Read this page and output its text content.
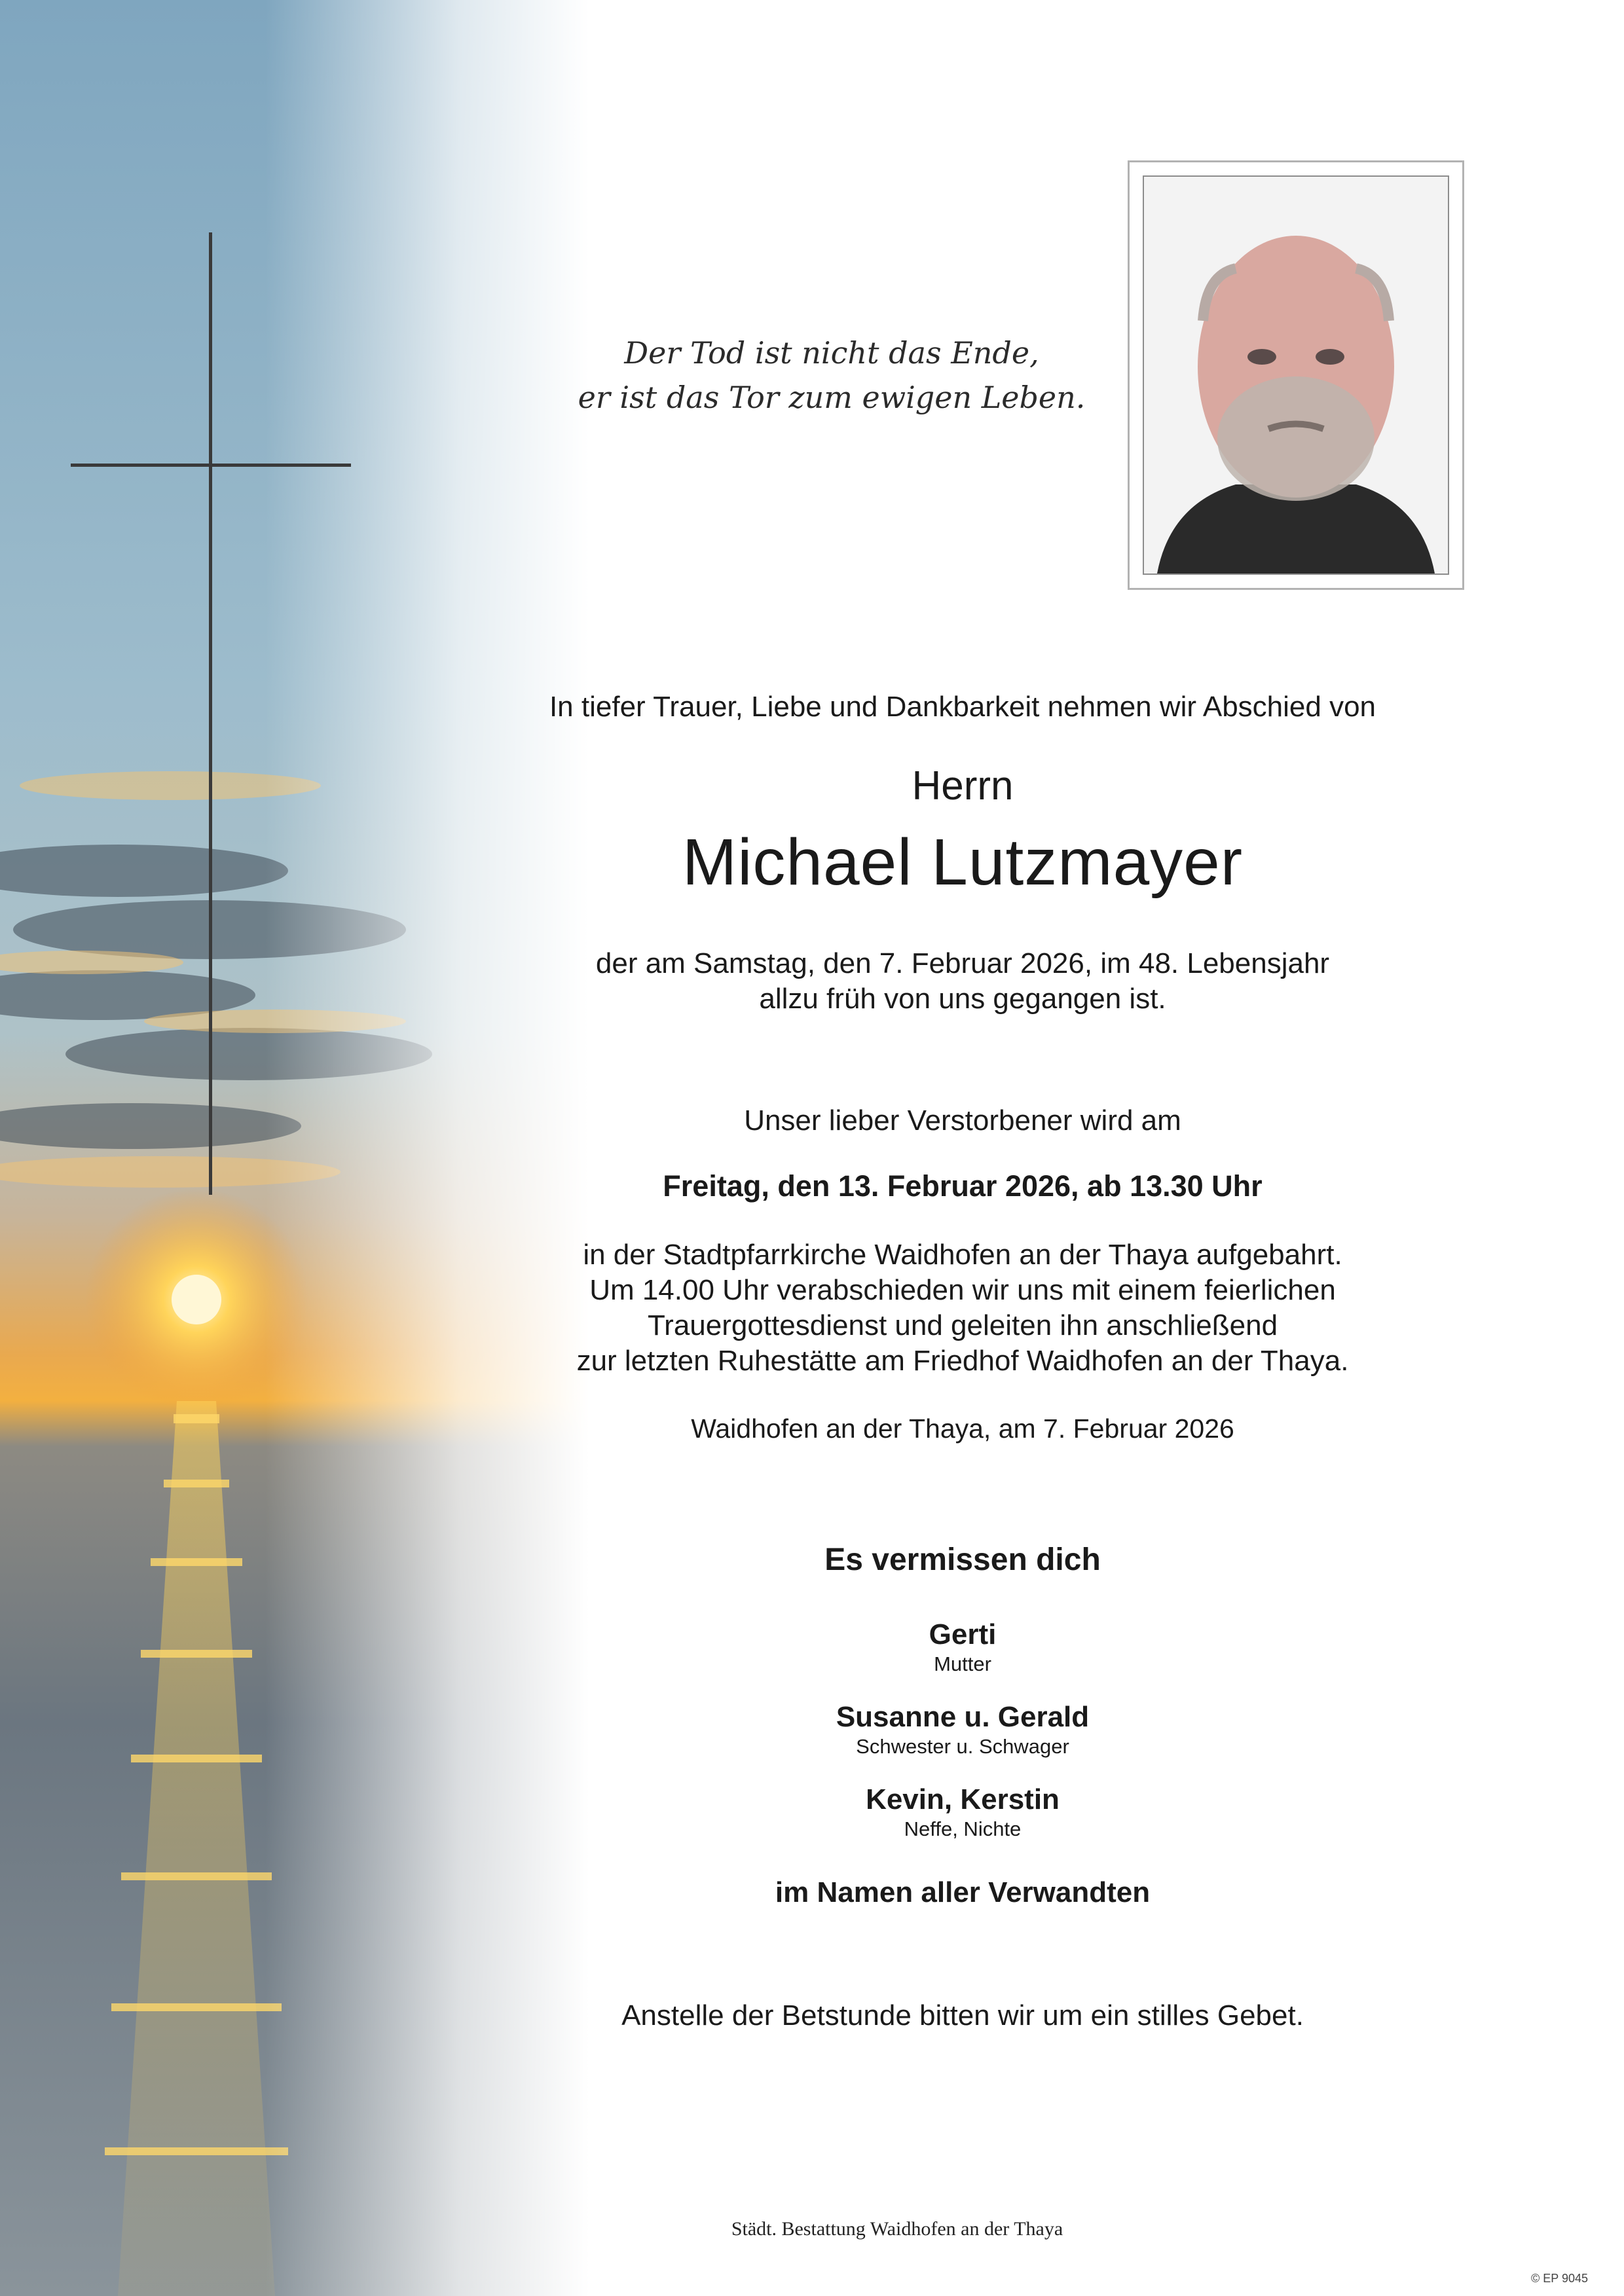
Der Tod ist nicht das Ende,
er ist das Tor zum ewigen Leben.
In tiefer Trauer, Liebe und Dankbarkeit nehmen wir Abschied von
Herrn
Michael Lutzmayer
der am Samstag, den 7. Februar 2026, im 48. Lebensjahr
allzu früh von uns gegangen ist.
Unser lieber Verstorbener wird am
Freitag, den 13. Februar 2026, ab 13.30 Uhr
in der Stadtpfarrkirche Waidhofen an der Thaya aufgebahrt.
Um 14.00 Uhr verabschieden wir uns mit einem feierlichen
Trauergottesdienst und geleiten ihn anschließend
zur letzten Ruhestätte am Friedhof Waidhofen an der Thaya.
Waidhofen an der Thaya, am 7. Februar 2026
Es vermissen dich
Gerti
Mutter
Susanne u. Gerald
Schwester u. Schwager
Kevin, Kerstin
Neffe, Nichte
im Namen aller Verwandten
Anstelle der Betstunde bitten wir um ein stilles Gebet.
Städt. Bestattung Waidhofen an der Thaya
© EP 9045
